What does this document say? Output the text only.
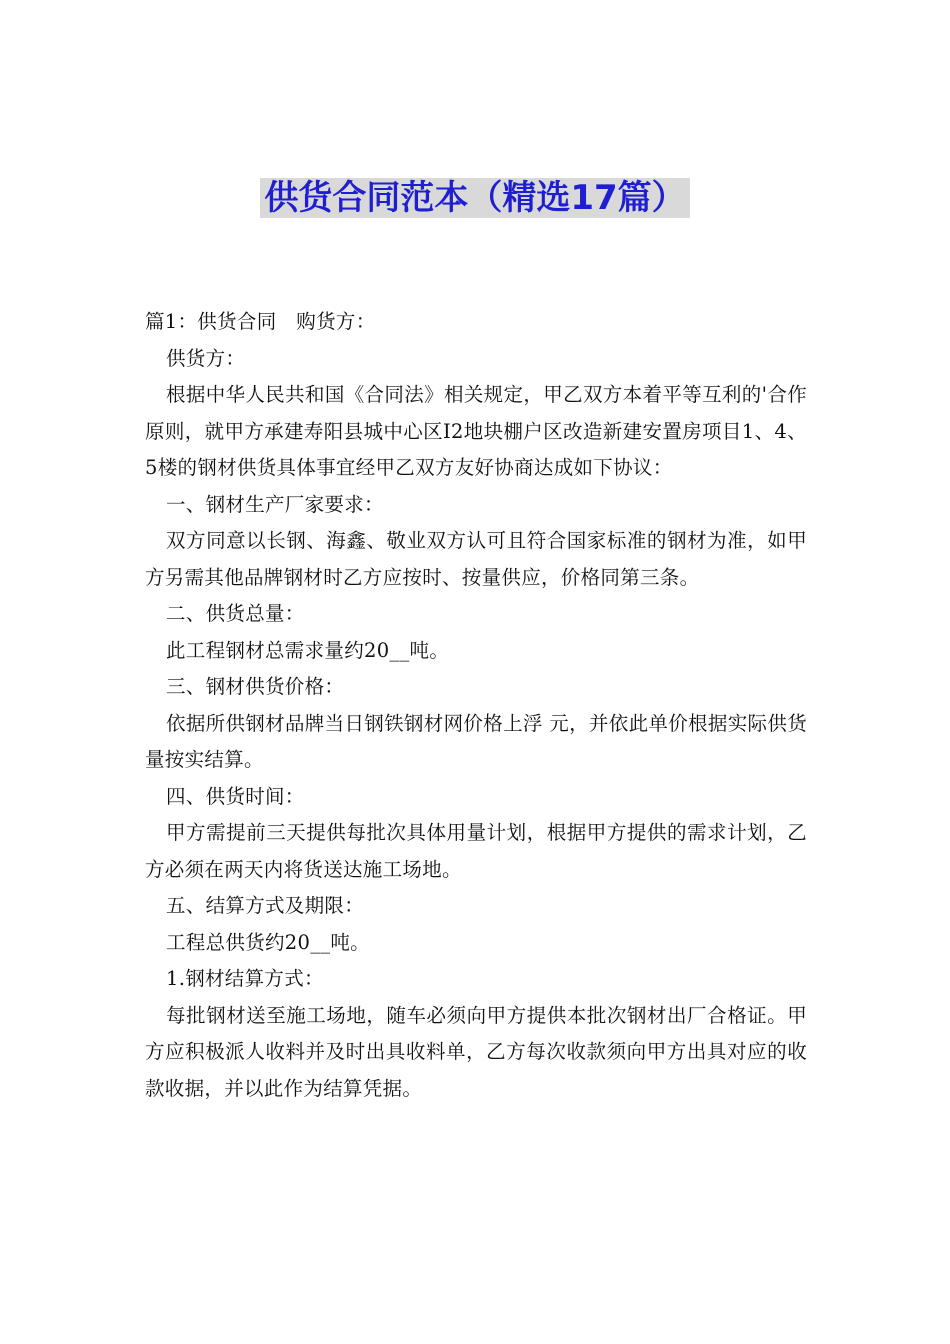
供货合同范本（精选17篇）

篇1：供货合同　购货方：

供货方：

根据中华人民共和国《合同法》相关规定，甲乙双方本着平等互利的'合作原则，就甲方承建寿阳县城中心区I2地块棚户区改造新建安置房项目1、4、5楼的钢材供货具体事宜经甲乙双方友好协商达成如下协议：

一、钢材生产厂家要求：

双方同意以长钢、海鑫、敬业双方认可且符合国家标准的钢材为准，如甲方另需其他品牌钢材时乙方应按时、按量供应，价格同第三条。

二、供货总量：

此工程钢材总需求量约20__吨。

三、钢材供货价格：

依据所供钢材品牌当日钢铁钢材网价格上浮 元，并依此单价根据实际供货量按实结算。

四、供货时间：

甲方需提前三天提供每批次具体用量计划，根据甲方提供的需求计划，乙方必须在两天内将货送达施工场地。

五、结算方式及期限：

工程总供货约20__吨。

1.钢材结算方式：

每批钢材送至施工场地，随车必须向甲方提供本批次钢材出厂合格证。甲方应积极派人收料并及时出具收料单，乙方每次收款须向甲方出具对应的收款收据，并以此作为结算凭据。
